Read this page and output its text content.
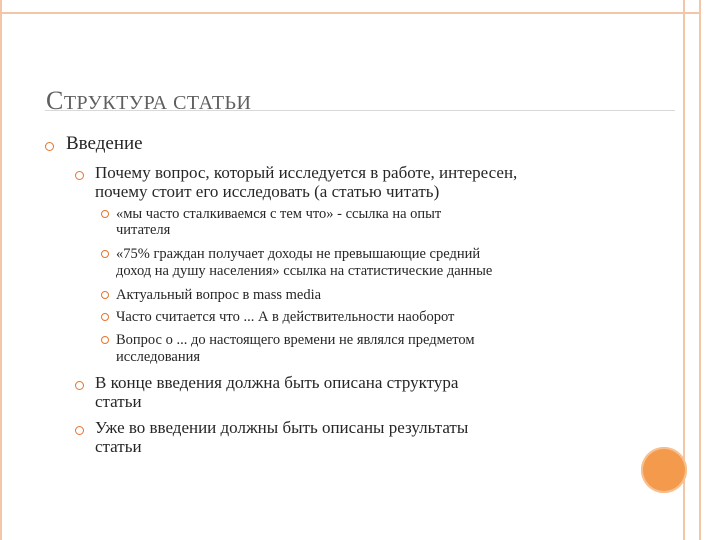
СТРУКТУРА СТАТЬИ

Введение

Почему вопрос, который исследуется в работе, интересен,

почему стоит его исследовать (а статью читать)

«мы часто сталкиваемся с тем что» - ссылка на опыт

читателя

«75% граждан получает доходы не превышающие средний

доход на душу населения» ссылка на статистические данные

Актуальный вопрос в mass media

Часто считается что ... А в действительности наоборот

Вопрос о ... до настоящего времени не являлся предметом

исследования

В конце введения должна быть описана структура

статьи

Уже во введении должны быть описаны результаты

статьи
